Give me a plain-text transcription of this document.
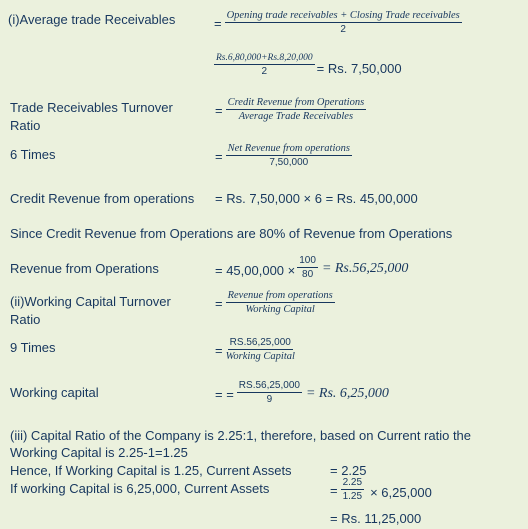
(i)Average trade Receivables	= $\frac{\text{Opening trade receivables + Closing Trade receivables}}{2}$
$\frac{Rs.6,80,000+Rs.8,20,000}{2} = Rs$. 7,50,000
Trade Receivables Turnover
Ratio
= $\frac{\text{Credit Revenue from Operations}}{\text{Average Trade Receivables}}$
6 Times	= $\frac{\text{Net Revenue from operations}}{7,50,000}$
Credit Revenue from operations = Rs. 7,50,000 × 6 = Rs. 45,00,000
Since Credit Revenue from Operations are 80% of Revenue from Operations
Revenue from Operations	= $45,00,000 \times \frac{100}{80} = Rs.56,25,000$
(ii)Working Capital Turnover
Ratio
= $\frac{\text{Revenue from operations}}{\text{Working Capital}}$
9 Times	= $\frac{RS.56,25,000}{\text{Working Capital}}$
Working capital	= = $\frac{RS.56,25,000}{9} = Rs$. 6,25,000
(iii) Capital Ratio of the Company is 2.25:1, therefore, based on Current ratio the
Working Capital is 2.25-1=1.25
Hence, If Working Capital is 1.25, Current Assets	= 2.25
If working Capital is 6,25,000, Current Assets	= $\frac{2.25}{1.25} \times 6,25,000$
= Rs. 11,25,000
